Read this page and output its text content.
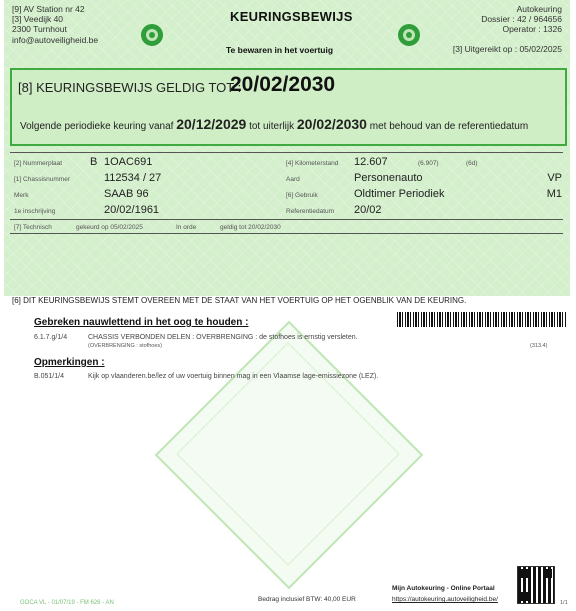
[9] AV Station nr 42
[3] Veedijk 40
2300 Turnhout
info@autoveiligheid.be
KEURINGSBEWIJS
Te bewaren in het voertuig
Autokeuring
Dossier : 42 / 964656
Operator : 1326
[3] Uitgereikt op : 05/02/2025
[8] KEURINGSBEWIJS GELDIG TOT :
20/02/2030
Volgende periodieke keuring vanaf 20/12/2029 tot uiterlijk 20/02/2030 met behoud van de referentiedatum
[2] Nummerplaat	B 1OAC691
[1] Chassisnummer	112534 / 27
Merk	SAAB 96
1e inschrijving	20/02/1961
[4] Kilometerstand 12.607	(6.907)	(6d)
Aard	Personenauto	VP
[6] Gebruik	Oldtimer Periodiek	M1
Referentiedatum 20/02
[7] Technisch	gekeurd op 05/02/2025	In orde	geldig tot 20/02/2030
[6] DIT KEURINGSBEWIJS STEMT OVEREEN MET DE STAAT VAN HET VOERTUIG OP HET OGENBLIK VAN DE KEURING.
Gebreken nauwlettend in het oog te houden :
6.1.7.g/1/4	CHASSIS VERBONDEN DELEN : OVERBRENGING : de stofhoes is ernstig versleten.
(OVERBRENGING : stofhoes)	(313.4)
Opmerkingen :
B.051/1/4	Kijk op vlaanderen.be/lez of uw voertuig binnen mag in een Vlaamse lage-emissiezone (LEZ).
GOCA VL - 01/07/19 - FM 626 - AN	Bedrag inclusief BTW: 40,00 EUR
Mijn Autokeuring - Online Portaal
https://autokeuring.autoveiligheid.be/	1/1
